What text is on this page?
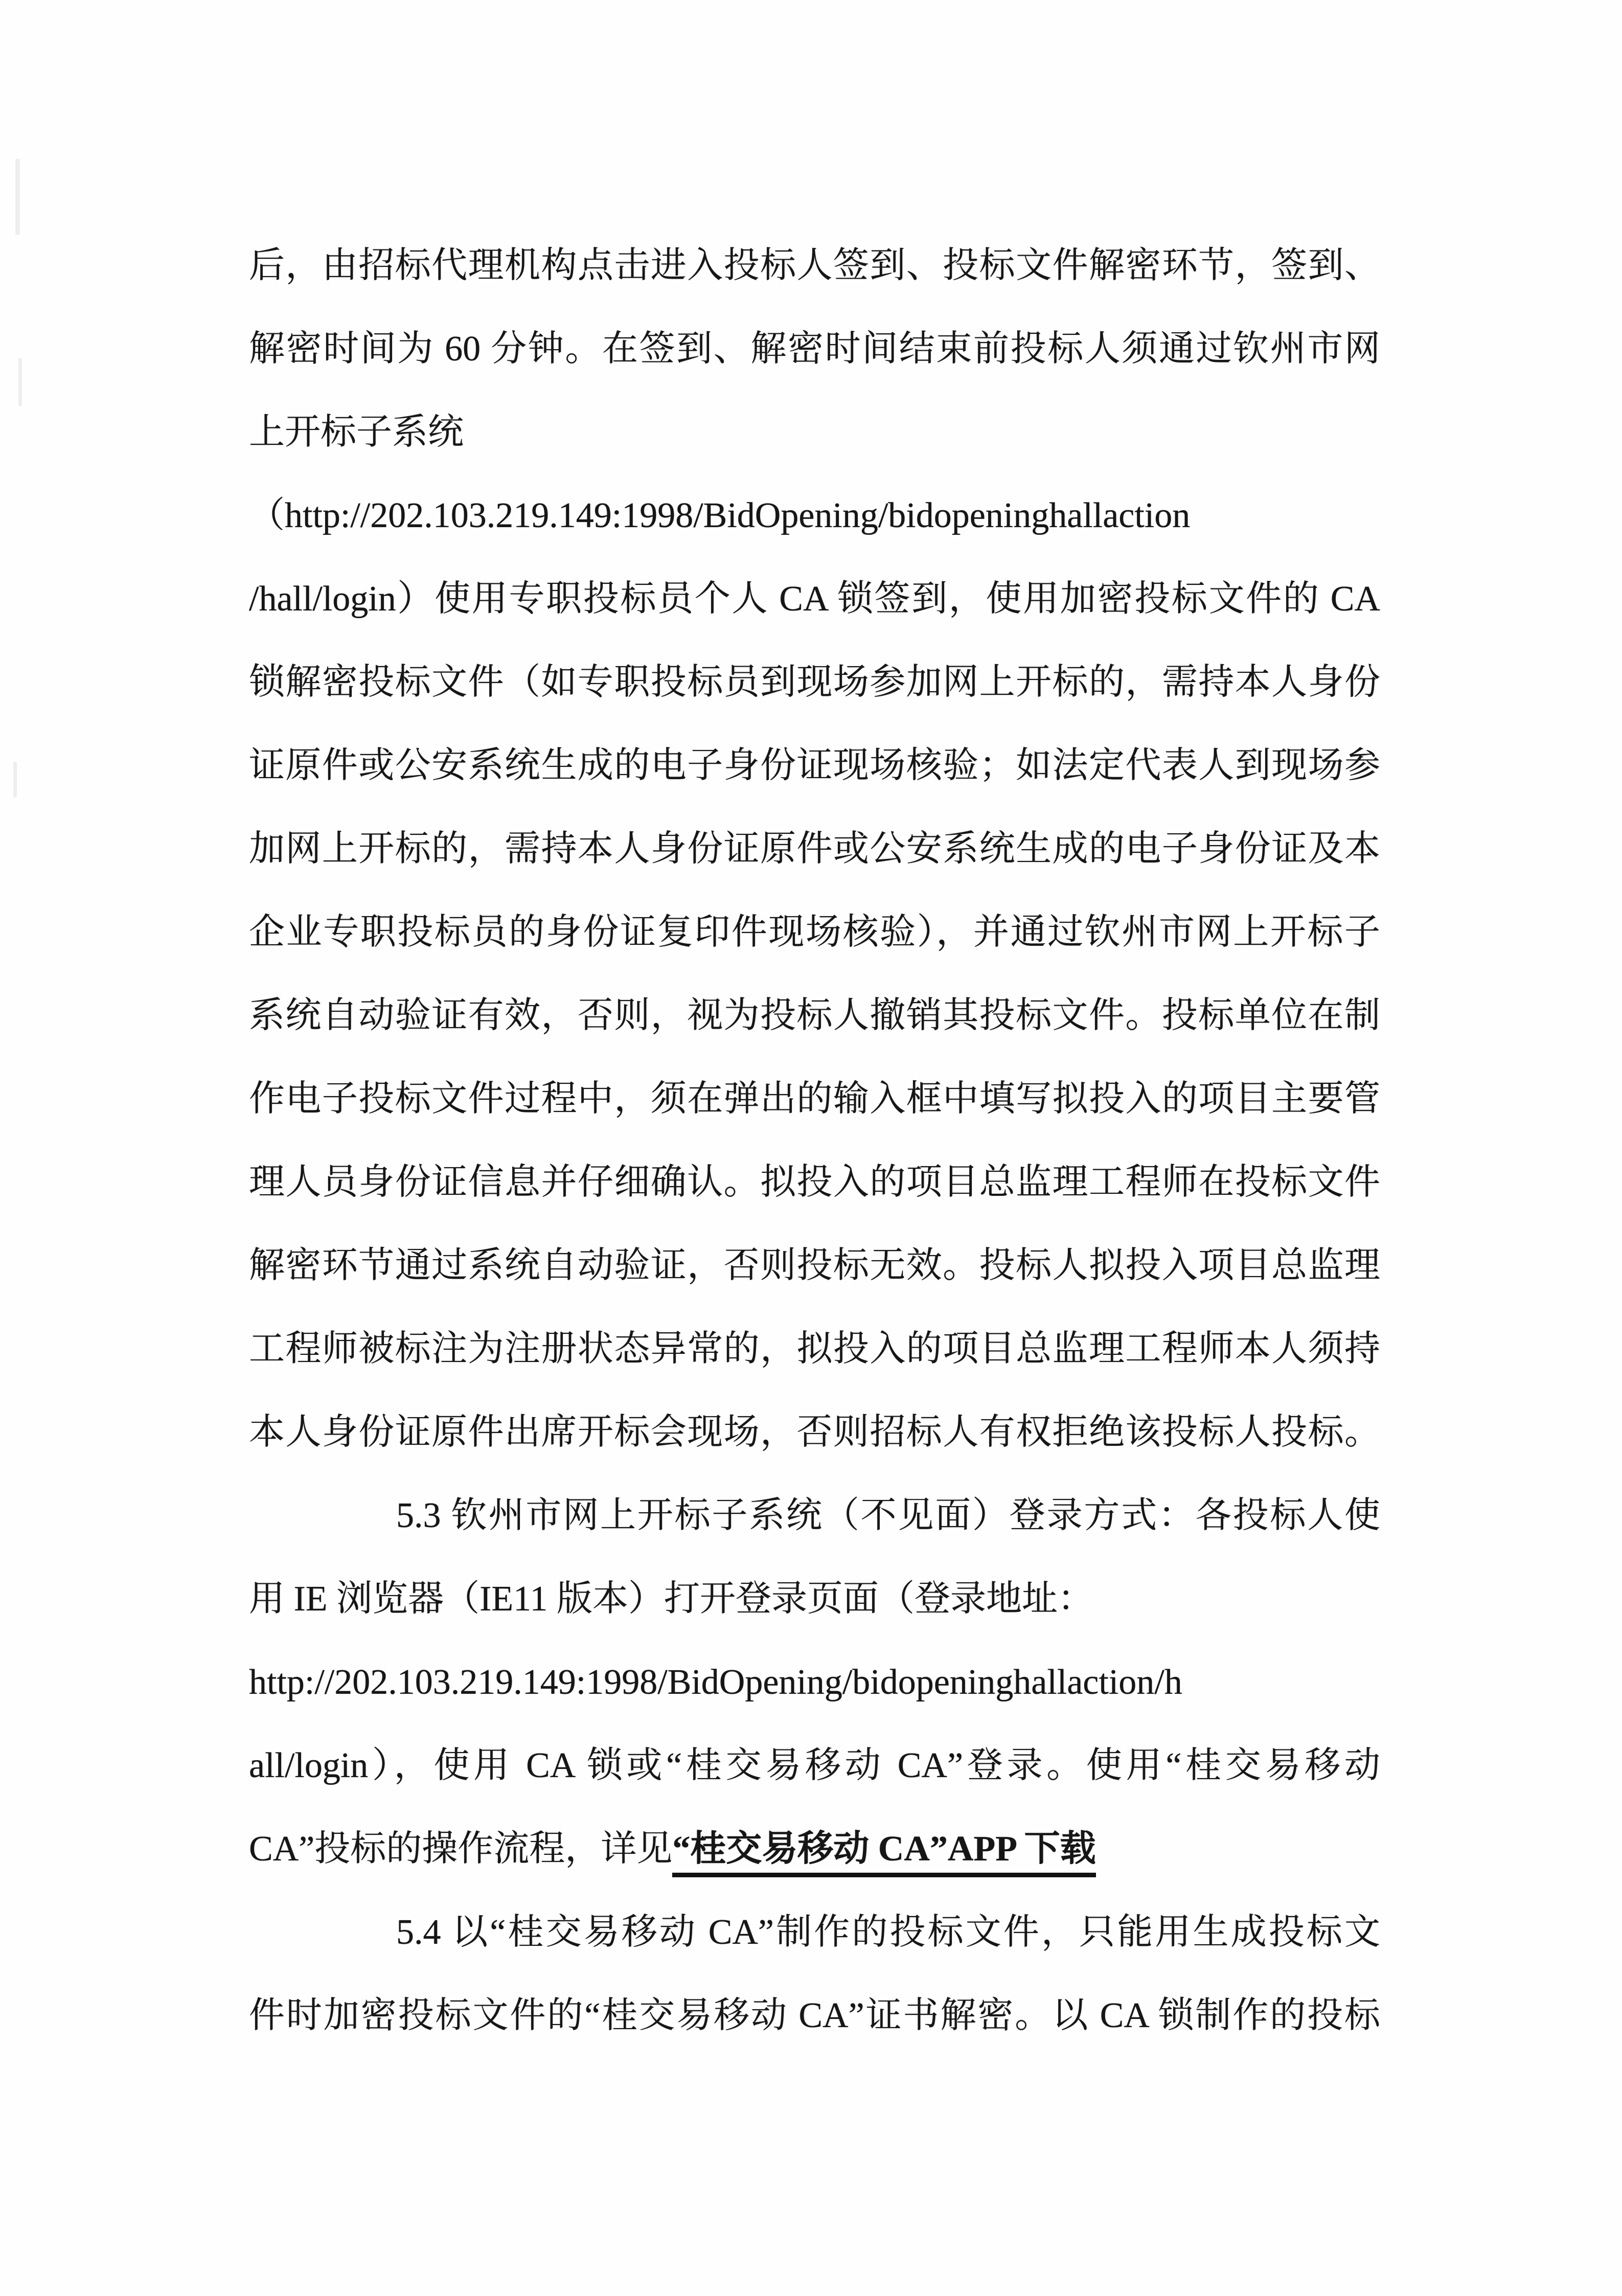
后，由招标代理机构点击进入投标人签到、投标文件解密环节，签到、
解密时间为 60 分钟。在签到、解密时间结束前投标人须通过钦州市网
上开标子系统
（http://202.103.219.149:1998/BidOpening/bidopeninghallaction
/hall/login）使用专职投标员个人 CA 锁签到，使用加密投标文件的 CA
锁解密投标文件（如专职投标员到现场参加网上开标的，需持本人身份
证原件或公安系统生成的电子身份证现场核验；如法定代表人到现场参
加网上开标的，需持本人身份证原件或公安系统生成的电子身份证及本
企业专职投标员的身份证复印件现场核验），并通过钦州市网上开标子
系统自动验证有效，否则，视为投标人撤销其投标文件。投标单位在制
作电子投标文件过程中，须在弹出的输入框中填写拟投入的项目主要管
理人员身份证信息并仔细确认。拟投入的项目总监理工程师在投标文件
解密环节通过系统自动验证，否则投标无效。投标人拟投入项目总监理
工程师被标注为注册状态异常的，拟投入的项目总监理工程师本人须持
本人身份证原件出席开标会现场，否则招标人有权拒绝该投标人投标。
5.3 钦州市网上开标子系统（不见面）登录方式：各投标人使
用 IE 浏览器（IE11 版本）打开登录页面（登录地址：
http://202.103.219.149:1998/BidOpening/bidopeninghallaction/h
all/login），使用 CA 锁或“桂交易移动 CA”登录。使用“桂交易移动
CA”投标的操作流程，详见“桂交易移动 CA”APP 下载
5.4 以“桂交易移动 CA”制作的投标文件，只能用生成投标文
件时加密投标文件的“桂交易移动 CA”证书解密。以 CA 锁制作的投标
